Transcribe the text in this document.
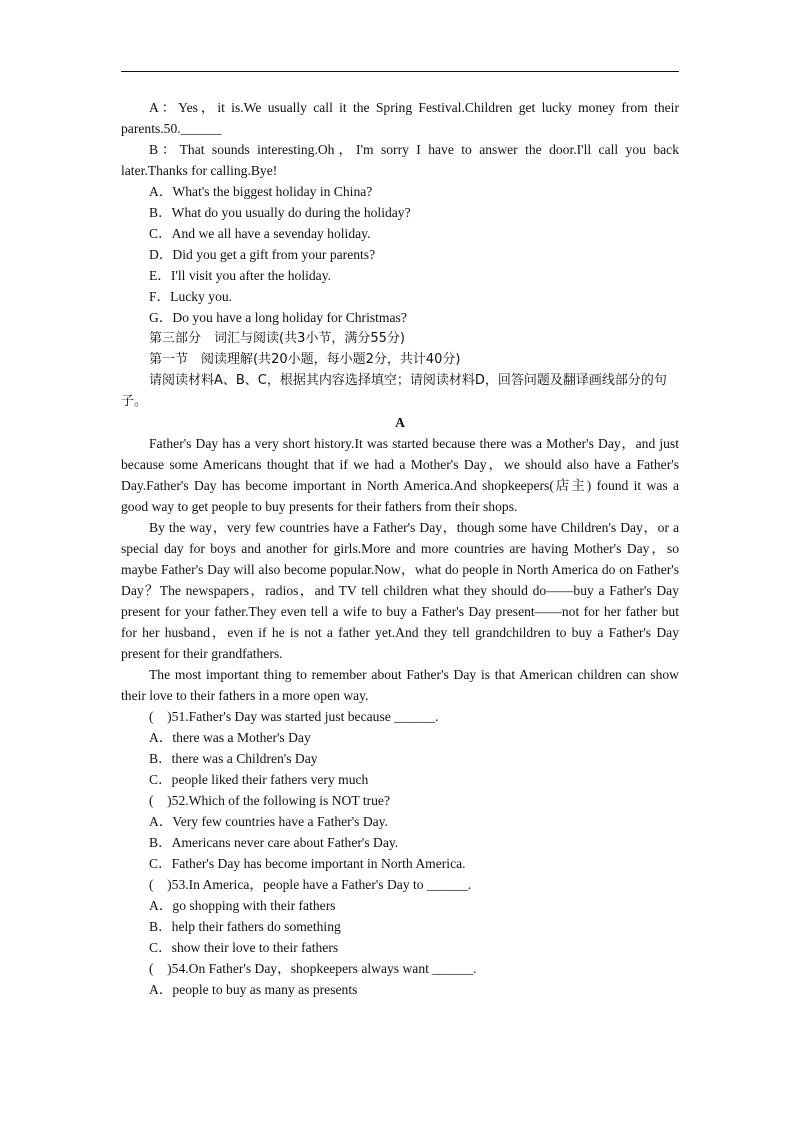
A：Yes，it is.We usually call it the Spring Festival.Children get lucky money from their parents.50.______

B：That sounds interesting.Oh，I'm sorry I have to answer the door.I'll call you back later.Thanks for calling.Bye!

A．What's the biggest holiday in China?

B．What do you usually do during the holiday?

C．And we all have a sevenday holiday.

D．Did you get a gift from your parents?

E．I'll visit you after the holiday.

F．Lucky you.

G．Do you have a long holiday for Christmas?

第三部分　词汇与阅读(共3小节，满分55分)

第一节　阅读理解(共20小题，每小题2分，共计40分)

请阅读材料A、B、C，根据其内容选择填空；请阅读材料D，回答问题及翻译画线部分的句子。

A

Father's Day has a very short history.It was started because there was a Mother's Day，and just because some Americans thought that if we had a Mother's Day，we should also have a Father's Day.Father's Day has become important in North America.And shopkeepers(店主) found it was a good way to get people to buy presents for their fathers from their shops.

By the way，very few countries have a Father's Day，though some have Children's Day，or a special day for boys and another for girls.More and more countries are having Mother's Day，so maybe Father's Day will also become popular.Now，what do people in North America do on Father's Day？The newspapers，radios，and TV tell children what they should do——buy a Father's Day present for your father.They even tell a wife to buy a Father's Day present——not for her father but for her husband，even if he is not a father yet.And they tell grandchildren to buy a Father's Day present for their grandfathers.

The most important thing to remember about Father's Day is that American children can show their love to their fathers in a more open way.

(　)51.Father's Day was started just because ______.

A．there was a Mother's Day

B．there was a Children's Day

C．people liked their fathers very much

(　)52.Which of the following is NOT true?

A．Very few countries have a Father's Day.

B．Americans never care about Father's Day.

C．Father's Day has become important in North America.

(　)53.In America，people have a Father's Day to ______.

A．go shopping with their fathers

B．help their fathers do something

C．show their love to their fathers

(　)54.On Father's Day，shopkeepers always want ______.

A．people to buy as many as presents
